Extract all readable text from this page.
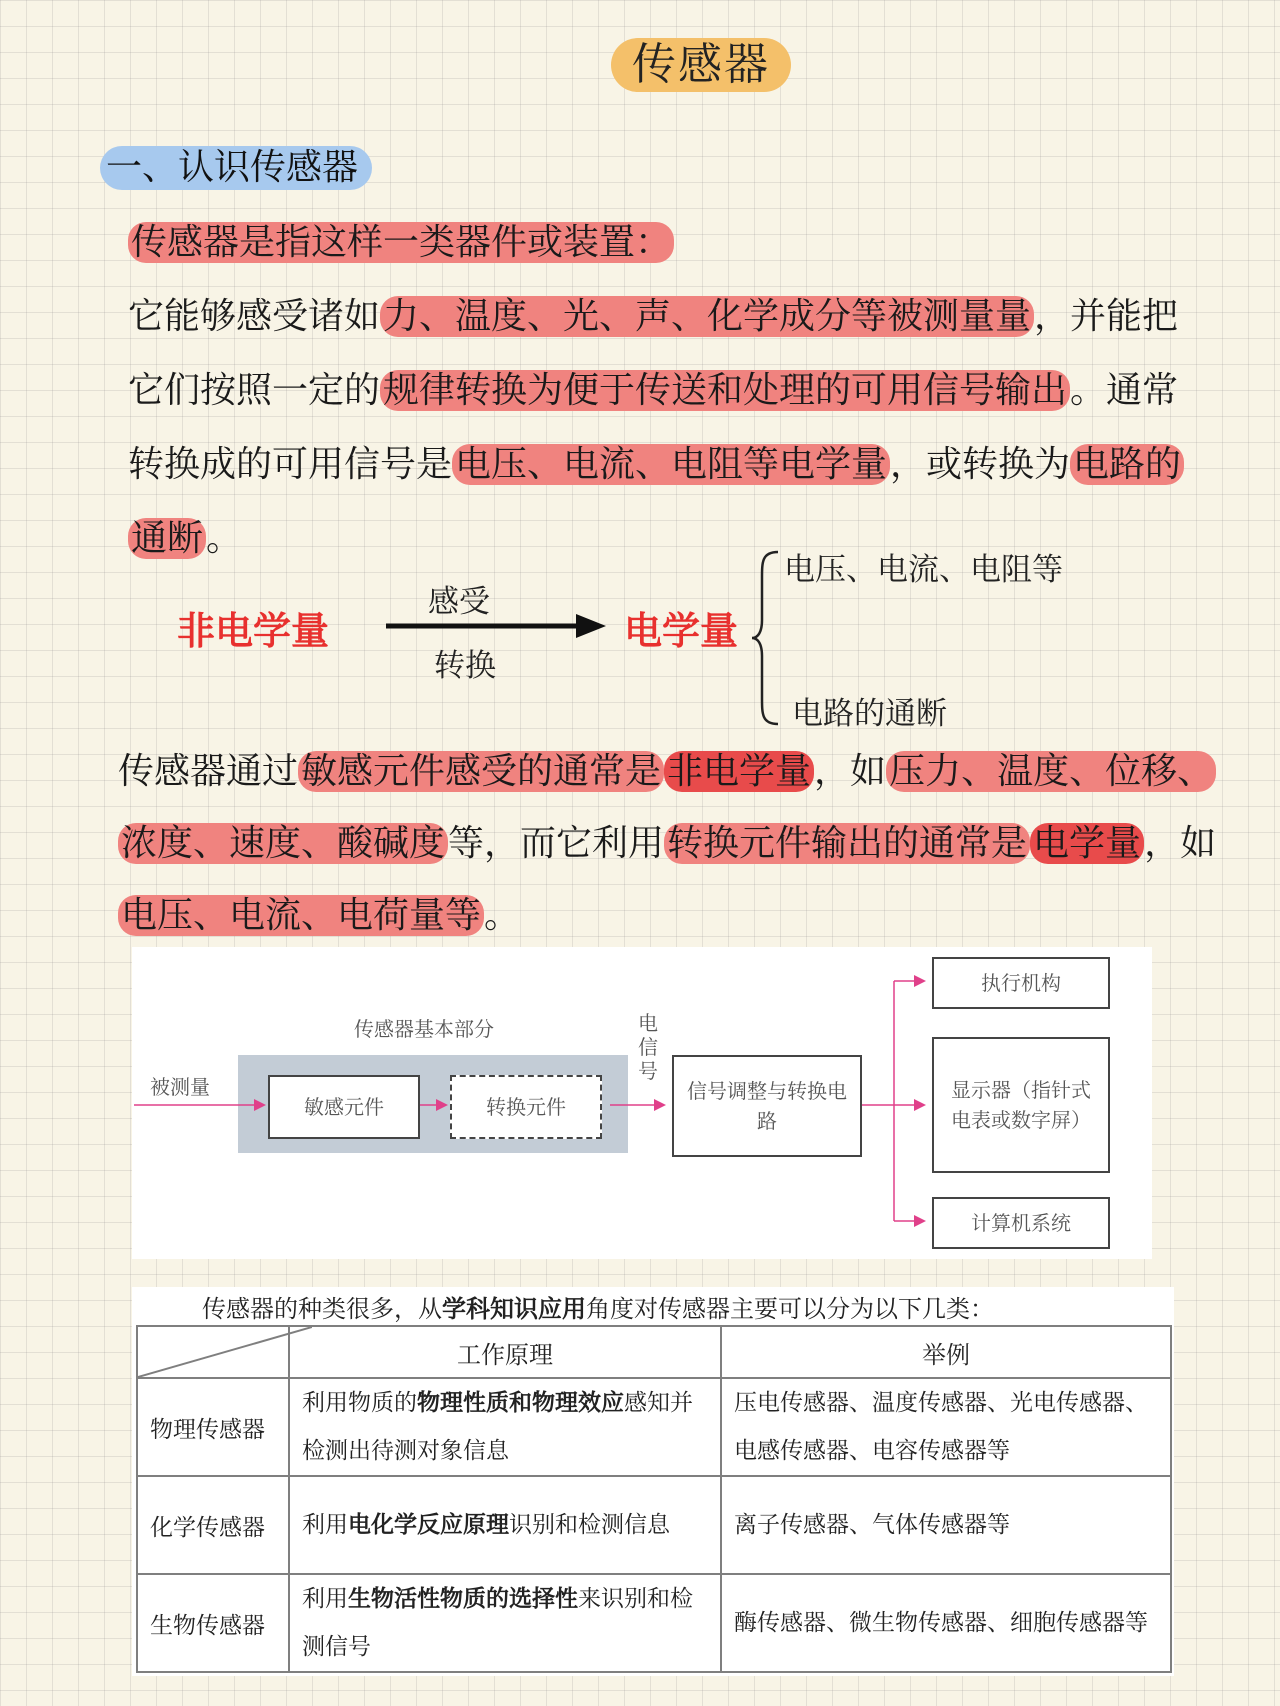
传感器
一、认识传感器
传感器是指这样一类器件或装置：
它能够感受诸如力、温度、光、声、化学成分等被测量量，并能把它们按照一定的规律转换为便于传送和处理的可用信号输出。通常转换成的可用信号是电压、电流、电阻等电学量，或转换为电路的通断。
非电学量
感受
转换
电学量
电压、电流、电阻等
电路的通断
传感器通过敏感元件感受的通常是 非电学量，如压力、温度、位移、浓度、速度、酸碱度等，而它利用转换元件输出的通常是 电学量，如电压、电流、电荷量等。
传感器基本部分
被测量
敏感元件	转换元件
电信号
信号调整与转换电路
执行机构
显示器（指针式电表或数字屏）
计算机系统
传感器的种类很多，从学科知识应用角度对传感器主要可以分为以下几类：
	工作原理	举例
物理传感器	利用物质的物理性质和物理效应感知并检测出待测对象信息	压电传感器、温度传感器、光电传感器、电感传感器、电容传感器等
化学传感器	利用电化学反应原理识别和检测信息	离子传感器、气体传感器等
生物传感器	利用生物活性物质的选择性来识别和检测信号	酶传感器、微生物传感器、细胞传感器等
